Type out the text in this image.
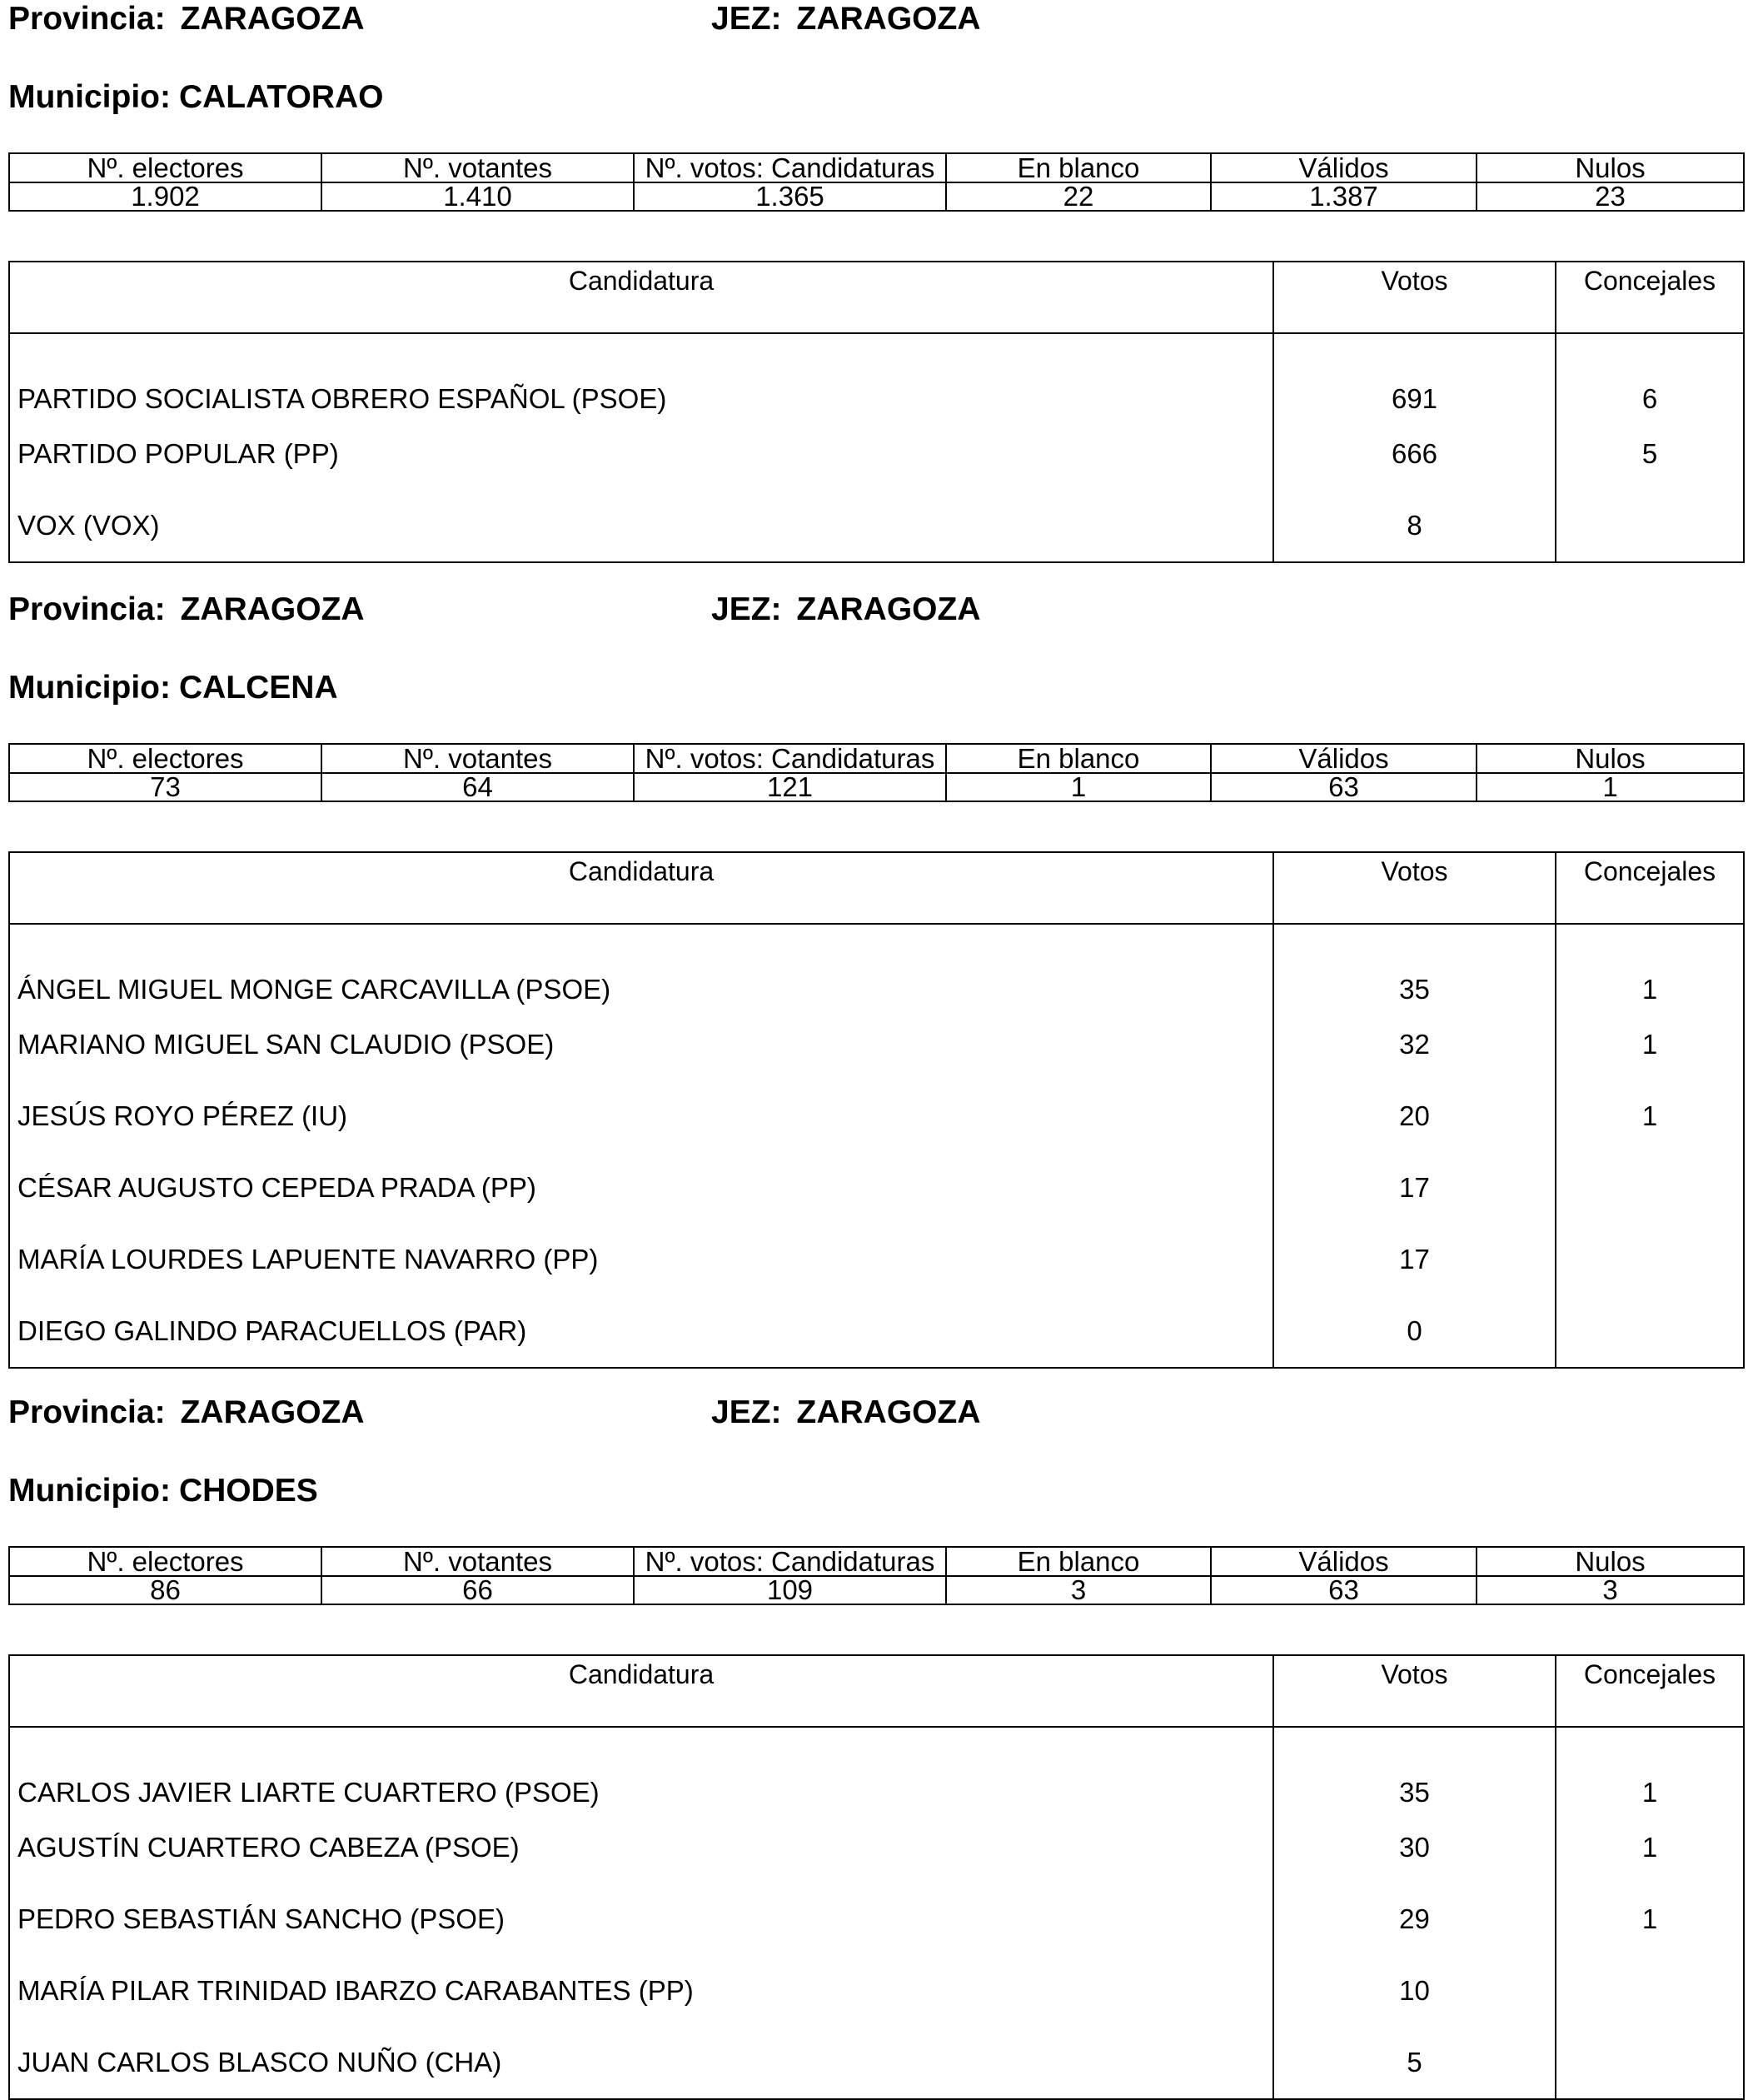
Provincia: ZARAGOZA	JEZ: ZARAGOZA
Municipio: CALATORAO
Nº. electores	Nº. votantes	Nº. votos: Candidaturas	En blanco	Válidos	Nulos
1.902	1.410	1.365	22	1.387	23
Candidatura	Votos	Concejales
PARTIDO SOCIALISTA OBRERO ESPAÑOL (PSOE)	691	6
PARTIDO POPULAR (PP)	666	5
VOX (VOX)	8	
Provincia: ZARAGOZA	JEZ: ZARAGOZA
Municipio: CALCENA
Nº. electores	Nº. votantes	Nº. votos: Candidaturas	En blanco	Válidos	Nulos
73	64	121	1	63	1
Candidatura	Votos	Concejales
ÁNGEL MIGUEL MONGE CARCAVILLA (PSOE)	35	1
MARIANO MIGUEL SAN CLAUDIO (PSOE)	32	1
JESÚS ROYO PÉREZ (IU)	20	1
CÉSAR AUGUSTO CEPEDA PRADA (PP)	17	
MARÍA LOURDES LAPUENTE NAVARRO (PP)	17	
DIEGO GALINDO PARACUELLOS (PAR)	0	
Provincia: ZARAGOZA	JEZ: ZARAGOZA
Municipio: CHODES
Nº. electores	Nº. votantes	Nº. votos: Candidaturas	En blanco	Válidos	Nulos
86	66	109	3	63	3
Candidatura	Votos	Concejales
CARLOS JAVIER LIARTE CUARTERO (PSOE)	35	1
AGUSTÍN CUARTERO CABEZA (PSOE)	30	1
PEDRO SEBASTIÁN SANCHO (PSOE)	29	1
MARÍA PILAR TRINIDAD IBARZO CARABANTES (PP)	10	
JUAN CARLOS BLASCO NUÑO (CHA)	5	
